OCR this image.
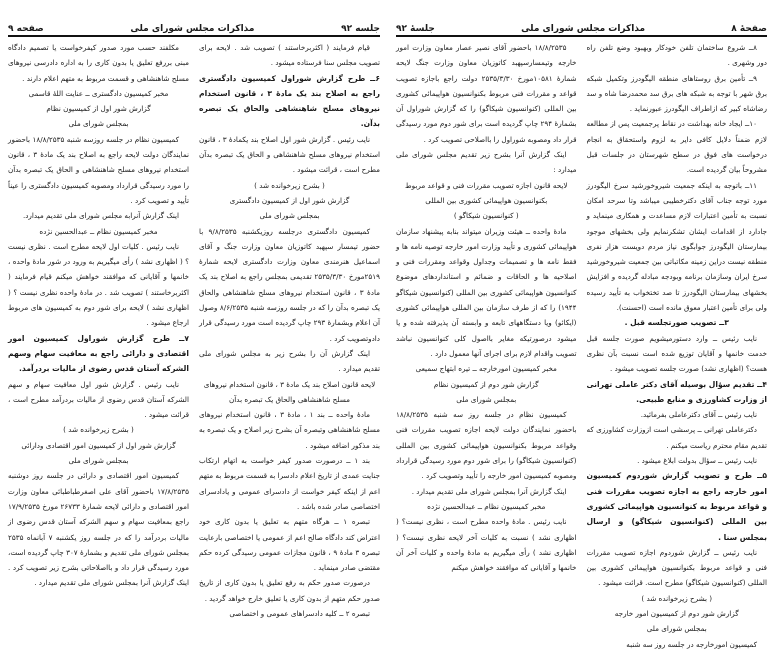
صفحهٔ ۸
مذاکرات مجلس شورای ملی
جلسهٔ ۹۲

۸ــ شروع ساختمان تلفن خودکار وبهبود وضع تلفن راه دور وشهری .

۹ــ تأمین برق روستاهای منطقه الیگودرز وتکمیل شبکه برق شهر با توجه به شبکه های برق سد محمدرضا شاه و سد رضاشاه کبیر که ازاطراف الیگودرز عبورنماید .

۱۰ــ ایجاد خانه بهداشت در نقاط پرجمعیت پس از مطالعه لازم ضمناً دلایل کافی دایر به لزوم واستحقاق به انجام درخواست های فوق در سطح شهرستان در جلسات قبل مشروحاً بیان گردیده است.

۱۱ــ باتوجه به اینکه جمعیت شیروخورشید سرخ الیگودرز مورد توجه جناب آقای دکترخطیبی میباشد وتا سرحد امکان نسبت به تأمین اعتبارات لازم مساعدت و همکاری مینماید و جادارد از اقدامات ایشان تشکرنمایم ولی بخشهای موجود بیمارستان الیگودرز جوابگوی نیاز مردم دویست هزار نفری منطقه نیست دراین زمینه مکاتباتی بین جمعیت شیروخورشید سرخ ایران وسازمان برنامه وبودجه مبادله گردیده و افزایش بخشهای بیمارستان الیگودرز تا صد تختخواب به تأیید رسیده ولی برای تأمین اعتبار معوق مانده است (احسنت).

۳ــ تصویب صورتجلسه قبل .

نایب رئیس ــ وارد دستورمیشویم صورت جلسه قبل خدمت خانمها و آقایان توزیع شده است نسبت بآن نظری هست؟ (اظهاری نشد) صورت جلسه تصویب میشود .

۴ــ تقدیم سؤال بوسیله آقای دکتر عاملی تهرانی از وزارت کشاورزی و منابع طبیعی.

نایب رئیس ــ آقای دکترعاملی بفرمائید.

دکترعاملی تهرانی ــ پرسشی است ازوزارت کشاورزی که تقدیم مقام محترم ریاست میکنم .

نایب رئیس ــ سؤال بدولت ابلاغ میشود .

۵ــ طرح و تصویب گزارش شوردوم کمیسیون امور خارجه راجع به اجازه تصویب مقررات فنی و قواعد مربوط به کنوانسیون هواپیمائی کشوری بین المللی (کنوانسیون شیکاگو) و ارسال بمجلس سنا .

نایب رئیس ــ گزارش شوردوم اجازه تصویب مقررات فنی و قواعد مربوط بکنوانسیون هواپیمائی کشوری بین المللی (کنوانسیون شیکاگو) مطرح است. قرائت میشود .

( بشرح زیرخوانده شد )

گزارش شور دوم از کمیسیون امور خارجه

بمجلس شورای ملی

کمیسیون امورخارجه در جلسه روز سه شنبه

۱۸/۸/۲۵۳۵ باحضور آقای نصیر عصار معاون وزارت امور خارجه وتیمسارسپهبد کاتوزیان معاون وزارت جنگ لایحه شمارهٔ ۱۰۵۸۱مورخ ۲۵۳۵/۳/۳۰ دولت راجع باجازه تصویب قواعد و مقررات فنی مربوط بکنوانسیون هواپیمائی کشوری بین المللی (کنوانسیون شیکاگو) را که گزارش شوراول آن بشمارهٔ ۲۹۴ چاپ گردیده است برای شور دوم مورد رسیدگی قرار داد ومصوبه شوراول را بااصلاحی تصویب کرد .

اینک گزارش آنرا بشرح زیر تقدیم مجلس شورای ملی میدارد :

لایحه قانون اجازه تصویب مقررات فنی و قواعد مربوط بکنوانسیون هواپیمائی کشوری بین المللی

( کنوانسیون شیکاگو )

مادهٔ واحده ــ هیئت وزیران میتواند بنابه پیشنهاد سازمان هواپیمائی کشوری و تأیید وزارت امور خارجه توصیه نامه ها و فقط نامه ها و تصمیمات وجداول وقواعد ومقررات فنی و اصلاحیه ها و الحاقات و ضمائم و استانداردهای موضوع کنوانسیون هواپیمائی کشوری بین المللی (کنوانسیون شیکاگو ۱۹۴۴) را که از طرف سازمان بین المللی هواپیمائی کشوری (ایکائو) ویا دستگاههای تابعه و وابسته آن پذیرفته شده و یا میشود درصورتیکه مغایر بااصول کلی کنوانسیون نباشد تصویب واقدام لازم برای اجرای آنها معمول دارد .

مخبر کمیسیون امورخارجه ــ تیره ابتهاج سمیعی

گزارش شور دوم از کمیسیون نظام

بمجلس شورای ملی

کمیسیون نظام در جلسه روز سه شنبه ۱۸/۸/۲۵۳۵ باحضور نمایندگان دولت لایحه اجازه تصویب مقررات فنی وقواعد مربوط بکنوانسیون هواپیمائی کشوری بین المللی (کنوانسیون شیکاگو) را برای شور دوم مورد رسیدگی قرارداد ومصوبه کمیسیون امور خارجه را تأیید وتصویب کرد .

اینک گزارش آنرا بمجلس شورای ملی تقدیم میدارد .

مخبر کمیسیون نظام ــ عبدالحسین نژده

نایب رئیس . مادهٔ واحده مطرح است ، نظری نیست؟ ( اظهاری نشد ) نسبت به کلیات آخر لایحه نظری نیست؟ ( اظهاری نشد ) رأی میگیریم به مادهٔ واحده و کلیات آخر آن خانمها و آقایانی که موافقند خواهش میکنم

جلسه ۹۲
مذاکرات مجلس شورای ملی
صفحه ۹

قیام فرمایند ( اکثربرخاستند ) تصویب شد . لایحه برای تصویب مجلس سنا فرستاده میشود .

۶ــ طرح گزارش شوراول کمیسیون دادگستری راجع به اصلاح بند یک مادهٔ ۳ ، قانون استخدام نیروهای مسلح شاهنشاهی والحاق یک تبصره بدآن.

نایب رئیس . گزارش شور اول اصلاح بند یکمادهٔ ۳ ، قانون استخدام نیروهای مسلح شاهنشاهی و الحاق یک تبصره بدآن مطرح است ، قرائت میشود .

( بشرح زیرخوانده شد )

گزارش شور اول از کمیسیون دادگستری

بمجلس شورای ملی

کمیسیون دادگستری درجلسه روزیکشنبه ۹/۸/۲۵۳۵ با حضور تیمسار سپهبد کاتوزیان معاون وزارت جنگ و آقای اسماعیل هنرمندی معاون وزارت دادگستری لایحه شمارهٔ ۲۵۱۹مورخ ۲۵۳۵/۳/۳۰ تقدیمی بمجلس راجع به اصلاح بند یک مادهٔ ۳ ، قانون استخدام نیروهای مسلح شاهنشاهی والحاق یک تبصره بدآن را که در جلسه روزسه شنبه ۸/۶/۲۵۳۵ وصول آن اعلام وبشمارهٔ ۲۹۳ چاپ گردیده است مورد رسیدگی قرار دادوتصویب کرد .

اینک گزارش آن را بشرح زیر به مجلس شورای ملی تقدیم میدارد .

لایحه قانون اصلاح بند یک مادهٔ ۳ ، قانون استخدام نیروهای مسلح شاهنشاهی والحاق یک تبصره بدآن

مادهٔ واحده ــ بند ۱ ، مادهٔ ۳ ، قانون استخدام نیروهای مسلح شاهنشاهی وتبصره آن بشرح زیر اصلاح و یک تبصره به بند مذکور اضافه میشود .

بند ۱ ــ درصورت صدور کیفر خواست به اتهام ارتکاب جنایت عمدی از تاریخ اعلام دادسرا به قسمت مربوط به متهم اعم از اینکه کیفر خواست از دادسرای عمومی و یادادسرای اختصاصی صادر شده باشد .

تبصره ۱ ــ هرگاه متهم به تعلیق یا بدون کاری خود اعتراض کند دادگاه صالح اعم از عمومی یا اختصاصی بارعایت تبصره ۳ مادهٔ ۹ ، قانون مجازات عمومی رسیدگی کرده حکم مقتضی صادر مینماید .

درصورت صدور حکم به رفع تعلیق یا بدون کاری از تاریخ صدور حکم متهم از بدون کاری یا تعلیق خارج خواهد گردید .

تبصره ۲ ــ کلیه دادسراهای عمومی و اختصاصی

مکلفند حسب مورد صدور کیفرخواست یا تصمیم دادگاه مبنی بررفع تعلیق یا بدون کاری را به اداره دادرسی نیروهای مسلح شاهنشاهی و قسمت مربوط به متهم اعلام دارند .

مخبر کمیسیون دادگستری ــ عنایت اللهٔ قاسمی

گزارش شور اول از کمیسیون نظام

بمجلس شورای ملی

کمیسیون نظام در جلسه روزسه شنبه ۱۸/۸/۲۵۳۵ باحضور نمایندگان دولت لایحه راجع به اصلاح بند یک مادهٔ ۳ ، قانون استخدام نیروهای مسلح شاهنشاهی و الحاق یک تبصره بدآن را مورد رسیدگی قرارداد ومصوبه کمیسیون دادگستری را عیناً تأیید و تصویب کرد .

اینک گزارش آنرابه مجلس شورای ملی تقدیم میدارد.

مخبر کمیسیون نظام ــ عبدالحسین نژده

نایب رئیس . کلیات اول لایحه مطرح است . نظری نیست ؟ ( اظهاری نشد ) رأی میگیریم به ورود در شور مادهٔ واحده ، خانمها و آقایانی که موافقند خواهش میکنم قیام فرمایند ( اکثربرخاستند ) تصویب شد . در مادهٔ واحده نظری نیست ؟ ( اظهاری نشد ) لایحه برای شور دوم به کمیسیون های مربوط ارجاع میشود .

۷ــ طرح گزارش شوراول کمیسیون امور اقتصادی و دارائی راجع به معافیت سهام وسهم الشرکه آستان قدس رضوی از مالیات بردرآمد.

نایب رئیس . گزارش شور اول معافیت سهام و سهم الشرکه آستان قدس رضوی از مالیات بردرآمد مطرح است ، قرائت میشود .

( بشرح زیرخوانده شد )

گزارش شور اول از کمیسیون امور اقتصادی ودارائی

بمجلس شورای ملی

کمیسیون امور اقتصادی و دارائی در جلسه روز دوشنبه ۱۷/۸/۲۵۳۵ باحضور آقای علی اصغرطباطبائی معاون وزارت امور اقتصادی و دارائی لایحه شمارهٔ ۲۶۷۳۳ مورخ ۱۷/۹/۲۵۳۵ راجع بمعافیت سهام و سهم الشرکه آستان قدس رضوی از مالیات بردرآمد را که در جلسه روز یکشنبه ۷ آبانماه ۲۵۳۵ بمجلس شورای ملی تقدیم و بشمارهٔ ۳۰۷ چاپ گردیده است، مورد رسیدگی قرار داد و بااصلاحاتی بشرح زیر تصویب کرد . اینک گزارش آنرا بمجلس شورای ملی تقدیم میدارد .
